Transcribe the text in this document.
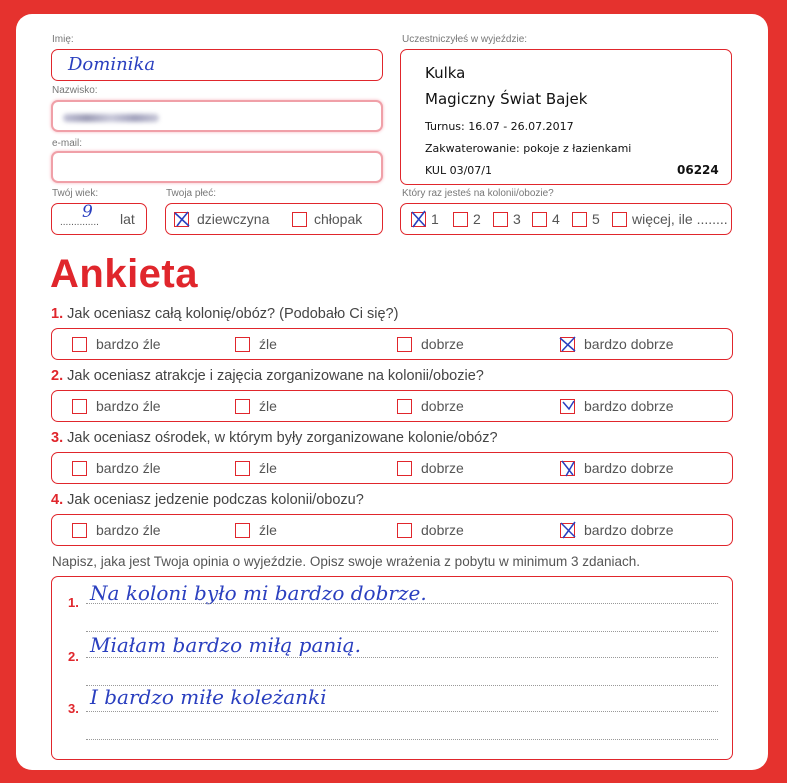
Imię:
Dominika
Nazwisko:
e-mail:
Twój wiek:
..............
9 lat
Twoja płeć:
dziewczyna	chłopak
Uczestniczyłeś w wyjeździe:
Kulka
Magiczny Świat Bajek
Turnus: 16.07 - 26.07.2017
Zakwaterowanie: pokoje z łazienkami
KUL 03/07/1	06224
Który raz jesteś na kolonii/obozie?
1 2 3 4 5 więcej, ile ........
Ankieta
1. Jak oceniasz całą kolonię/obóz? (Podobało Ci się?)
bardzo źle	źle	dobrze	bardzo dobrze
2. Jak oceniasz atrakcje i zajęcia zorganizowane na kolonii/obozie?
bardzo źle	źle	dobrze	bardzo dobrze
3. Jak oceniasz ośrodek, w którym były zorganizowane kolonie/obóz?
bardzo źle	źle	dobrze	bardzo dobrze
4. Jak oceniasz jedzenie podczas kolonii/obozu?
bardzo źle	źle	dobrze	bardzo dobrze
Napisz, jaka jest Twoja opinia o wyjeździe. Opisz swoje wrażenia z pobytu w minimum 3 zdaniach.
1. Na koloni było mi bardzo dobrze.
2. Miałam bardzo miłą panią.
3. I bardzo miłe koleżanki
